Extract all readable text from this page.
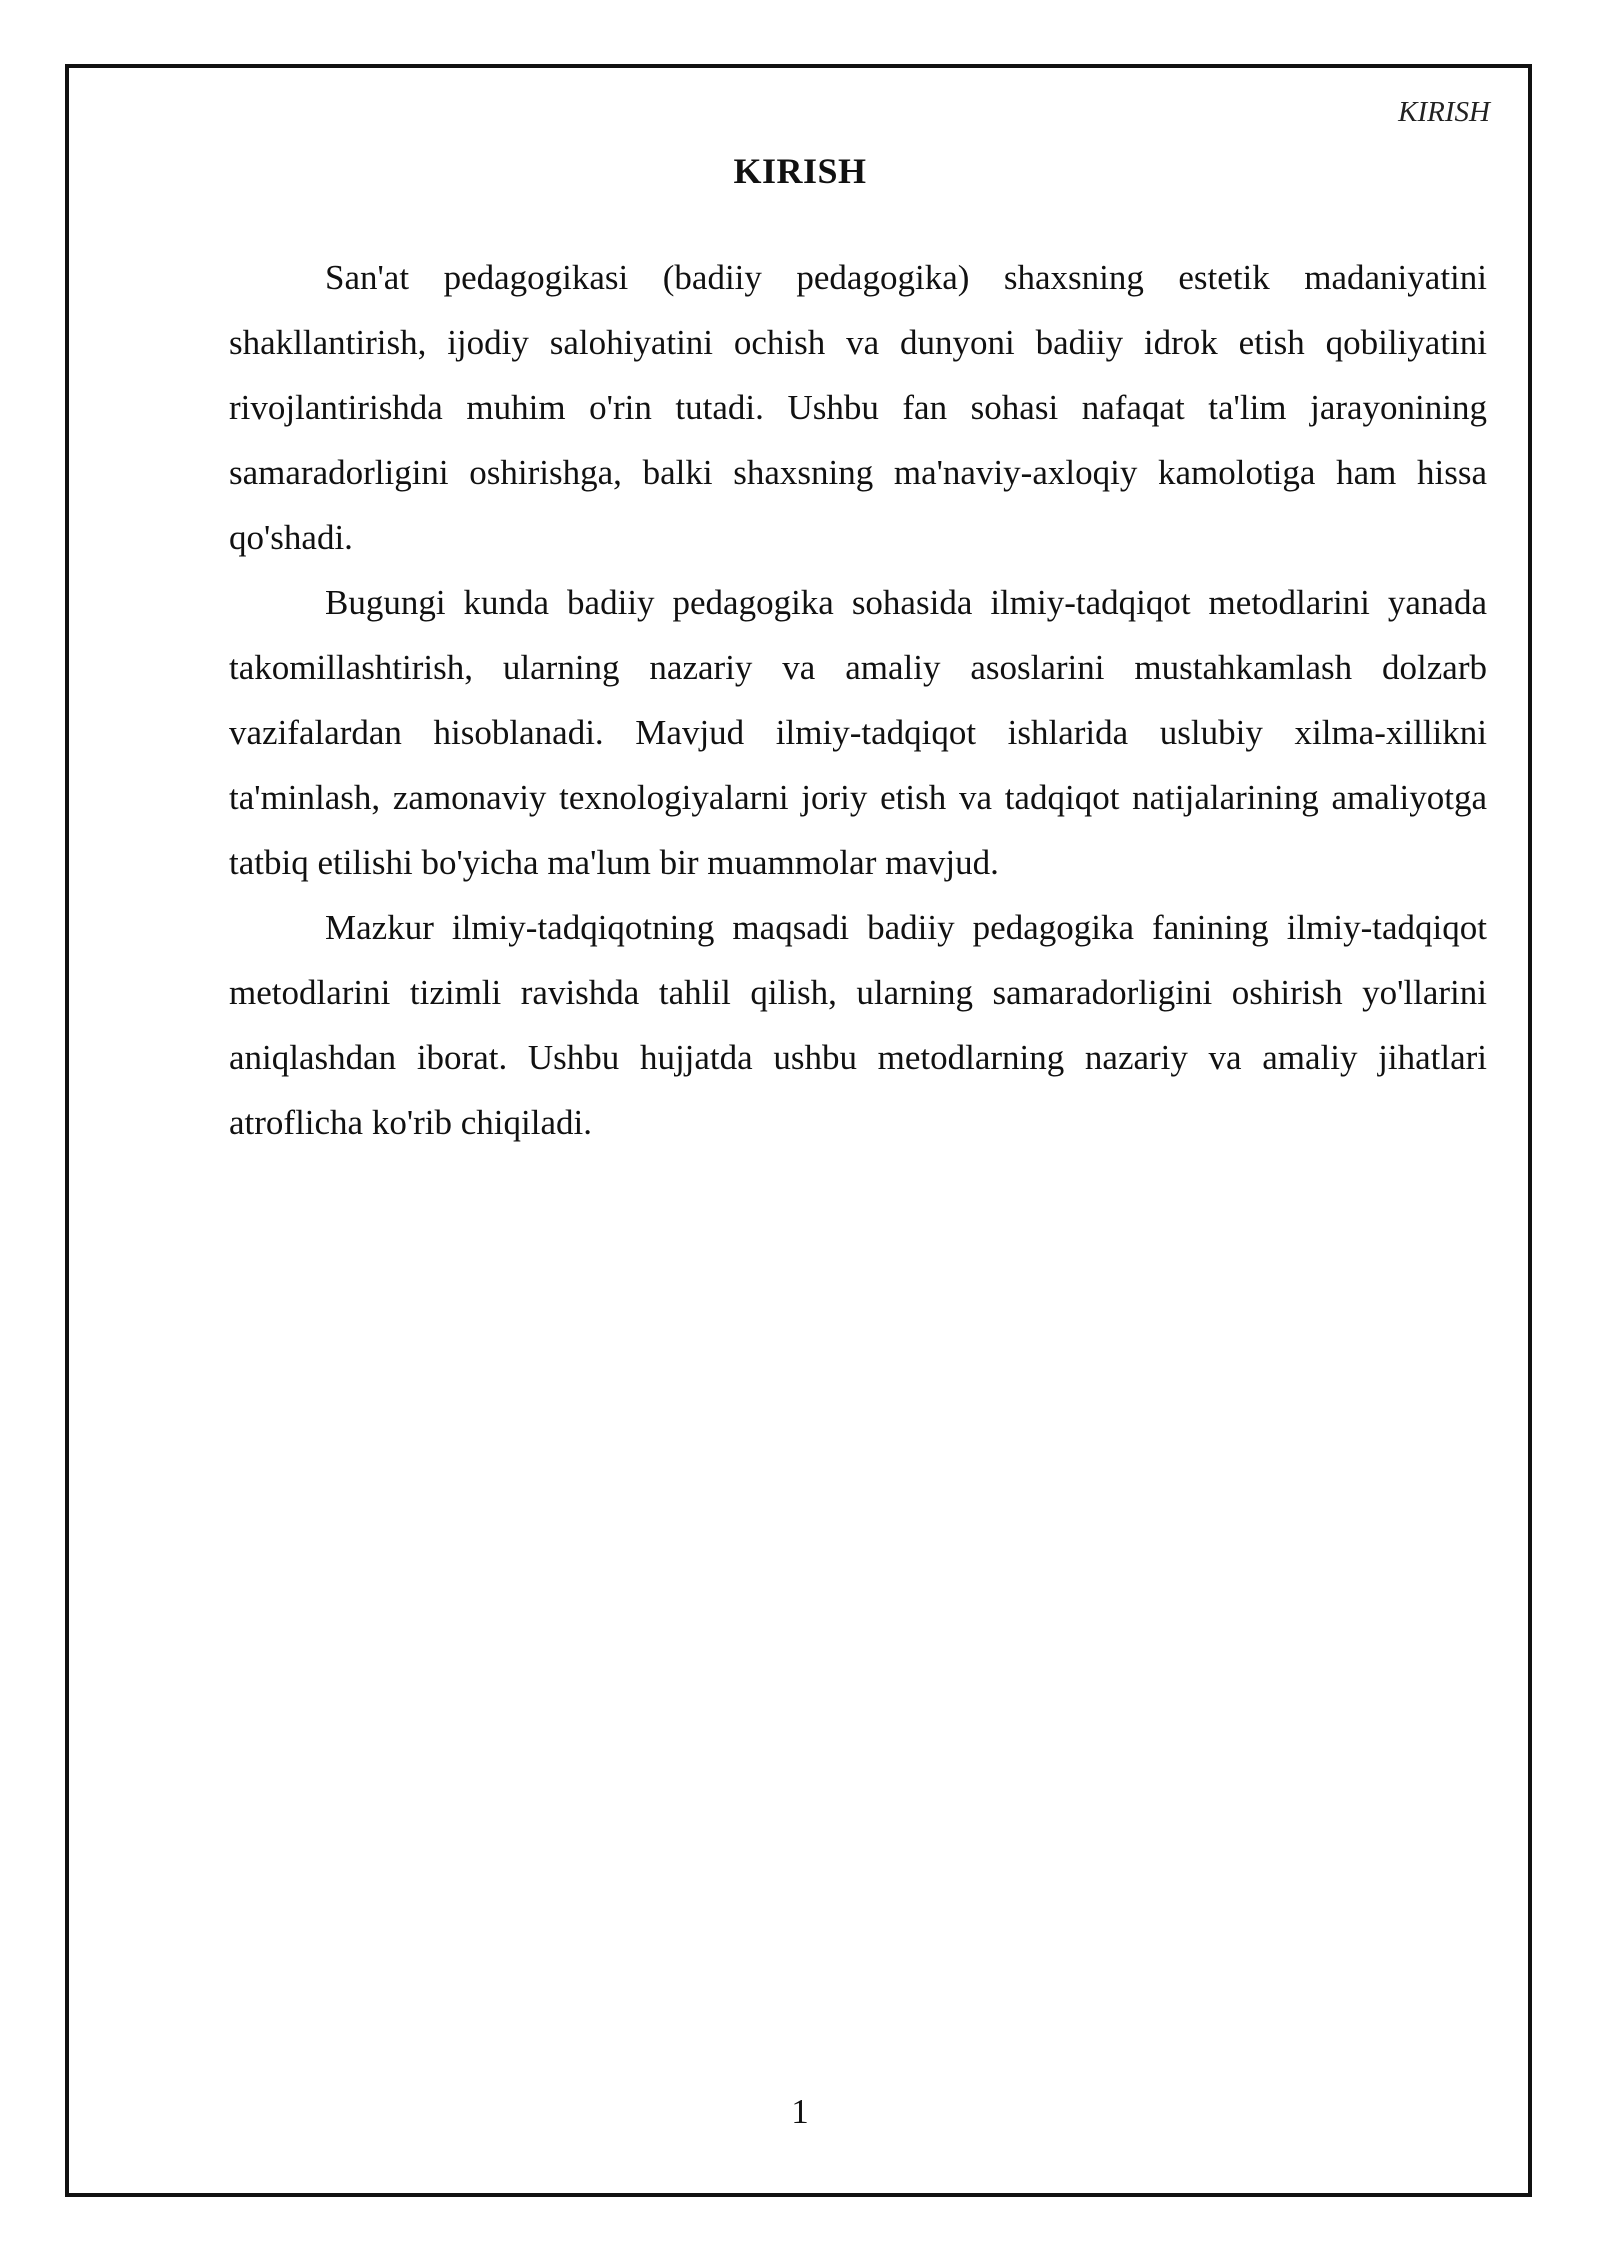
KIRISH
KIRISH

San'at pedagogikasi (badiiy pedagogika) shaxsning estetik madaniyatini shakllantirish, ijodiy salohiyatini ochish va dunyoni badiiy idrok etish qobiliyatini rivojlantirishda muhim o'rin tutadi. Ushbu fan sohasi nafaqat ta'lim jarayonining samaradorligini oshirishga, balki shaxsning ma'naviy-axloqiy kamolotiga ham hissa qo'shadi.

Bugungi kunda badiiy pedagogika sohasida ilmiy-tadqiqot metodlarini yanada takomillashtirish, ularning nazariy va amaliy asoslarini mustahkamlash dolzarb vazifalardan hisoblanadi. Mavjud ilmiy-tadqiqot ishlarida uslubiy xilma-xillikni ta'minlash, zamonaviy texnologiyalarni joriy etish va tadqiqot natijalarining amaliyotga tatbiq etilishi bo'yicha ma'lum bir muammolar mavjud.

Mazkur ilmiy-tadqiqotning maqsadi badiiy pedagogika fanining ilmiy-tadqiqot metodlarini tizimli ravishda tahlil qilish, ularning samaradorligini oshirish yo'llarini aniqlashdan iborat. Ushbu hujjatda ushbu metodlarning nazariy va amaliy jihatlari atroflicha ko'rib chiqiladi.

1
